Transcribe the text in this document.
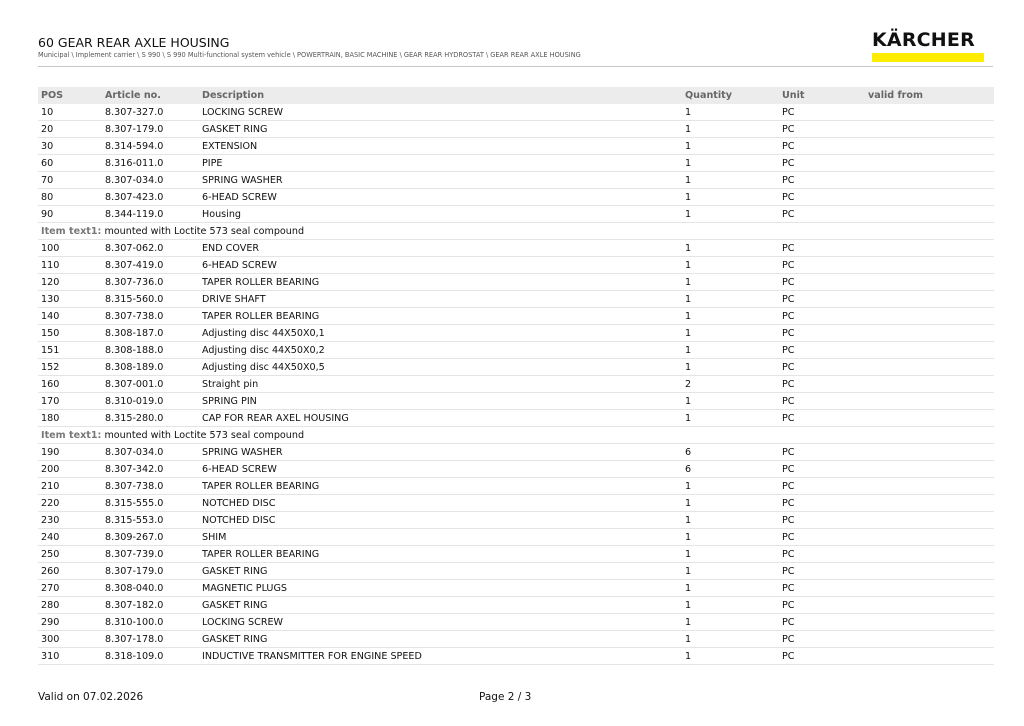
60 GEAR REAR AXLE HOUSING
Municipal \ Implement carrier \ S 990 \ S 990 Multi-functional system vehicle \ POWERTRAIN, BASIC MACHINE \ GEAR REAR HYDROSTAT \ GEAR REAR AXLE HOUSING
KÄRCHER
POS	Article no.	Description	Quantity	Unit	valid from
10	8.307-327.0	LOCKING SCREW	1	PC	
20	8.307-179.0	GASKET RING	1	PC	
30	8.314-594.0	EXTENSION	1	PC	
60	8.316-011.0	PIPE	1	PC	
70	8.307-034.0	SPRING WASHER	1	PC	
80	8.307-423.0	6-HEAD SCREW	1	PC	
90	8.344-119.0	Housing	1	PC	
Item text1: mounted with Loctite 573 seal compound					
100	8.307-062.0	END COVER	1	PC	
110	8.307-419.0	6-HEAD SCREW	1	PC	
120	8.307-736.0	TAPER ROLLER BEARING	1	PC	
130	8.315-560.0	DRIVE SHAFT	1	PC	
140	8.307-738.0	TAPER ROLLER BEARING	1	PC	
150	8.308-187.0	Adjusting disc 44X50X0,1	1	PC	
151	8.308-188.0	Adjusting disc 44X50X0,2	1	PC	
152	8.308-189.0	Adjusting disc 44X50X0,5	1	PC	
160	8.307-001.0	Straight pin	2	PC	
170	8.310-019.0	SPRING PIN	1	PC	
180	8.315-280.0	CAP FOR REAR AXEL HOUSING	1	PC	
Item text1: mounted with Loctite 573 seal compound					
190	8.307-034.0	SPRING WASHER	6	PC	
200	8.307-342.0	6-HEAD SCREW	6	PC	
210	8.307-738.0	TAPER ROLLER BEARING	1	PC	
220	8.315-555.0	NOTCHED DISC	1	PC	
230	8.315-553.0	NOTCHED DISC	1	PC	
240	8.309-267.0	SHIM	1	PC	
250	8.307-739.0	TAPER ROLLER BEARING	1	PC	
260	8.307-179.0	GASKET RING	1	PC	
270	8.308-040.0	MAGNETIC PLUGS	1	PC	
280	8.307-182.0	GASKET RING	1	PC	
290	8.310-100.0	LOCKING SCREW	1	PC	
300	8.307-178.0	GASKET RING	1	PC	
310	8.318-109.0	INDUCTIVE TRANSMITTER FOR ENGINE SPEED	1	PC	
Valid on 07.02.2026	Page 2 / 3
